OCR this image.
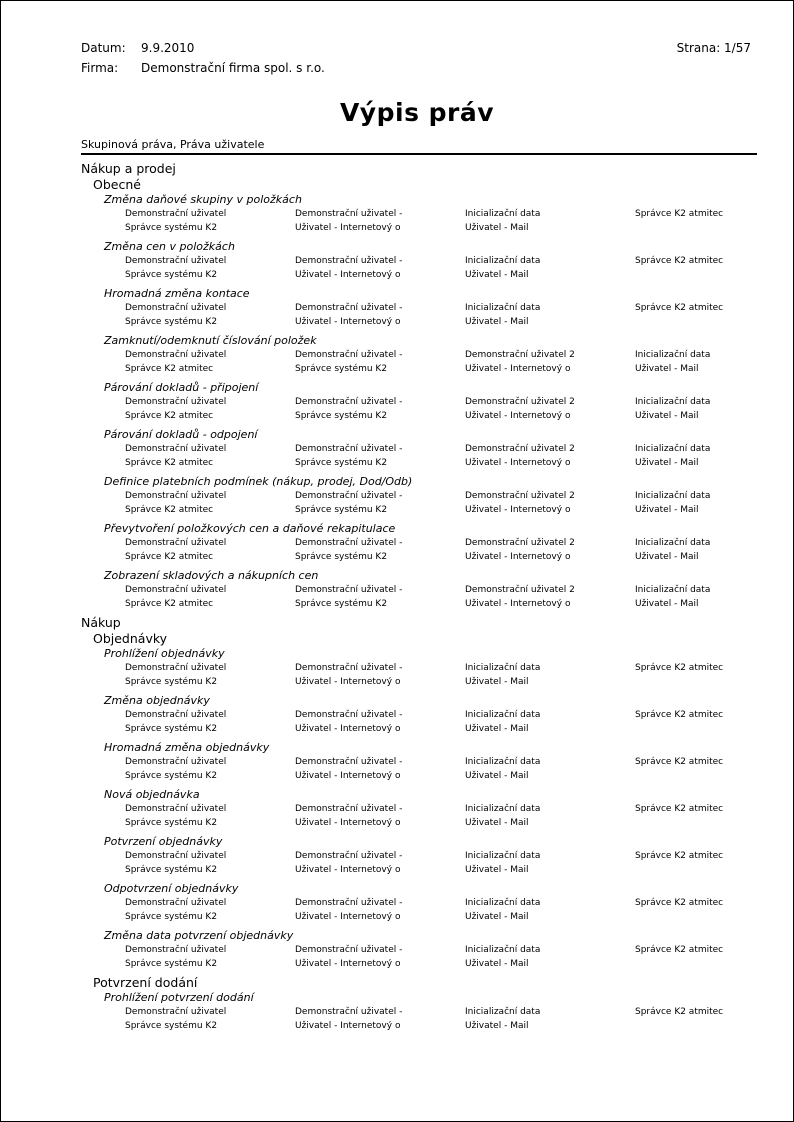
Datum: 9.9.2010
Firma: Demonstrační firma spol. s r.o.
Strana: 1/57
Výpis práv
Skupinová práva, Práva uživatele
Nákup a prodej
Obecné
Změna daňové skupiny v položkách
Demonstrační uživatel	Demonstrační uživatel -	Inicializační data	Správce K2 atmitec
Správce systému K2	Uživatel - Internetový o	Uživatel - Mail
Změna cen v položkách
Demonstrační uživatel	Demonstrační uživatel -	Inicializační data	Správce K2 atmitec
Správce systému K2	Uživatel - Internetový o	Uživatel - Mail
Hromadná změna kontace
Demonstrační uživatel	Demonstrační uživatel -	Inicializační data	Správce K2 atmitec
Správce systému K2	Uživatel - Internetový o	Uživatel - Mail
Zamknutí/odemknutí číslování položek
Demonstrační uživatel	Demonstrační uživatel -	Demonstrační uživatel 2	Inicializační data
Správce K2 atmitec	Správce systému K2	Uživatel - Internetový o	Uživatel - Mail
Párování dokladů - připojení
Demonstrační uživatel	Demonstrační uživatel -	Demonstrační uživatel 2	Inicializační data
Správce K2 atmitec	Správce systému K2	Uživatel - Internetový o	Uživatel - Mail
Párování dokladů - odpojení
Demonstrační uživatel	Demonstrační uživatel -	Demonstrační uživatel 2	Inicializační data
Správce K2 atmitec	Správce systému K2	Uživatel - Internetový o	Uživatel - Mail
Definice platebních podmínek (nákup, prodej, Dod/Odb)
Demonstrační uživatel	Demonstrační uživatel -	Demonstrační uživatel 2	Inicializační data
Správce K2 atmitec	Správce systému K2	Uživatel - Internetový o	Uživatel - Mail
Převytvoření položkových cen a daňové rekapitulace
Demonstrační uživatel	Demonstrační uživatel -	Demonstrační uživatel 2	Inicializační data
Správce K2 atmitec	Správce systému K2	Uživatel - Internetový o	Uživatel - Mail
Zobrazení skladových a nákupních cen
Demonstrační uživatel	Demonstrační uživatel -	Demonstrační uživatel 2	Inicializační data
Správce K2 atmitec	Správce systému K2	Uživatel - Internetový o	Uživatel - Mail
Nákup
Objednávky
Prohlížení objednávky
Demonstrační uživatel	Demonstrační uživatel -	Inicializační data	Správce K2 atmitec
Správce systému K2	Uživatel - Internetový o	Uživatel - Mail
Změna objednávky
Demonstrační uživatel	Demonstrační uživatel -	Inicializační data	Správce K2 atmitec
Správce systému K2	Uživatel - Internetový o	Uživatel - Mail
Hromadná změna objednávky
Demonstrační uživatel	Demonstrační uživatel -	Inicializační data	Správce K2 atmitec
Správce systému K2	Uživatel - Internetový o	Uživatel - Mail
Nová objednávka
Demonstrační uživatel	Demonstrační uživatel -	Inicializační data	Správce K2 atmitec
Správce systému K2	Uživatel - Internetový o	Uživatel - Mail
Potvrzení objednávky
Demonstrační uživatel	Demonstrační uživatel -	Inicializační data	Správce K2 atmitec
Správce systému K2	Uživatel - Internetový o	Uživatel - Mail
Odpotvrzení objednávky
Demonstrační uživatel	Demonstrační uživatel -	Inicializační data	Správce K2 atmitec
Správce systému K2	Uživatel - Internetový o	Uživatel - Mail
Změna data potvrzení objednávky
Demonstrační uživatel	Demonstrační uživatel -	Inicializační data	Správce K2 atmitec
Správce systému K2	Uživatel - Internetový o	Uživatel - Mail
Potvrzení dodání
Prohlížení potvrzení dodání
Demonstrační uživatel	Demonstrační uživatel -	Inicializační data	Správce K2 atmitec
Správce systému K2	Uživatel - Internetový o	Uživatel - Mail
